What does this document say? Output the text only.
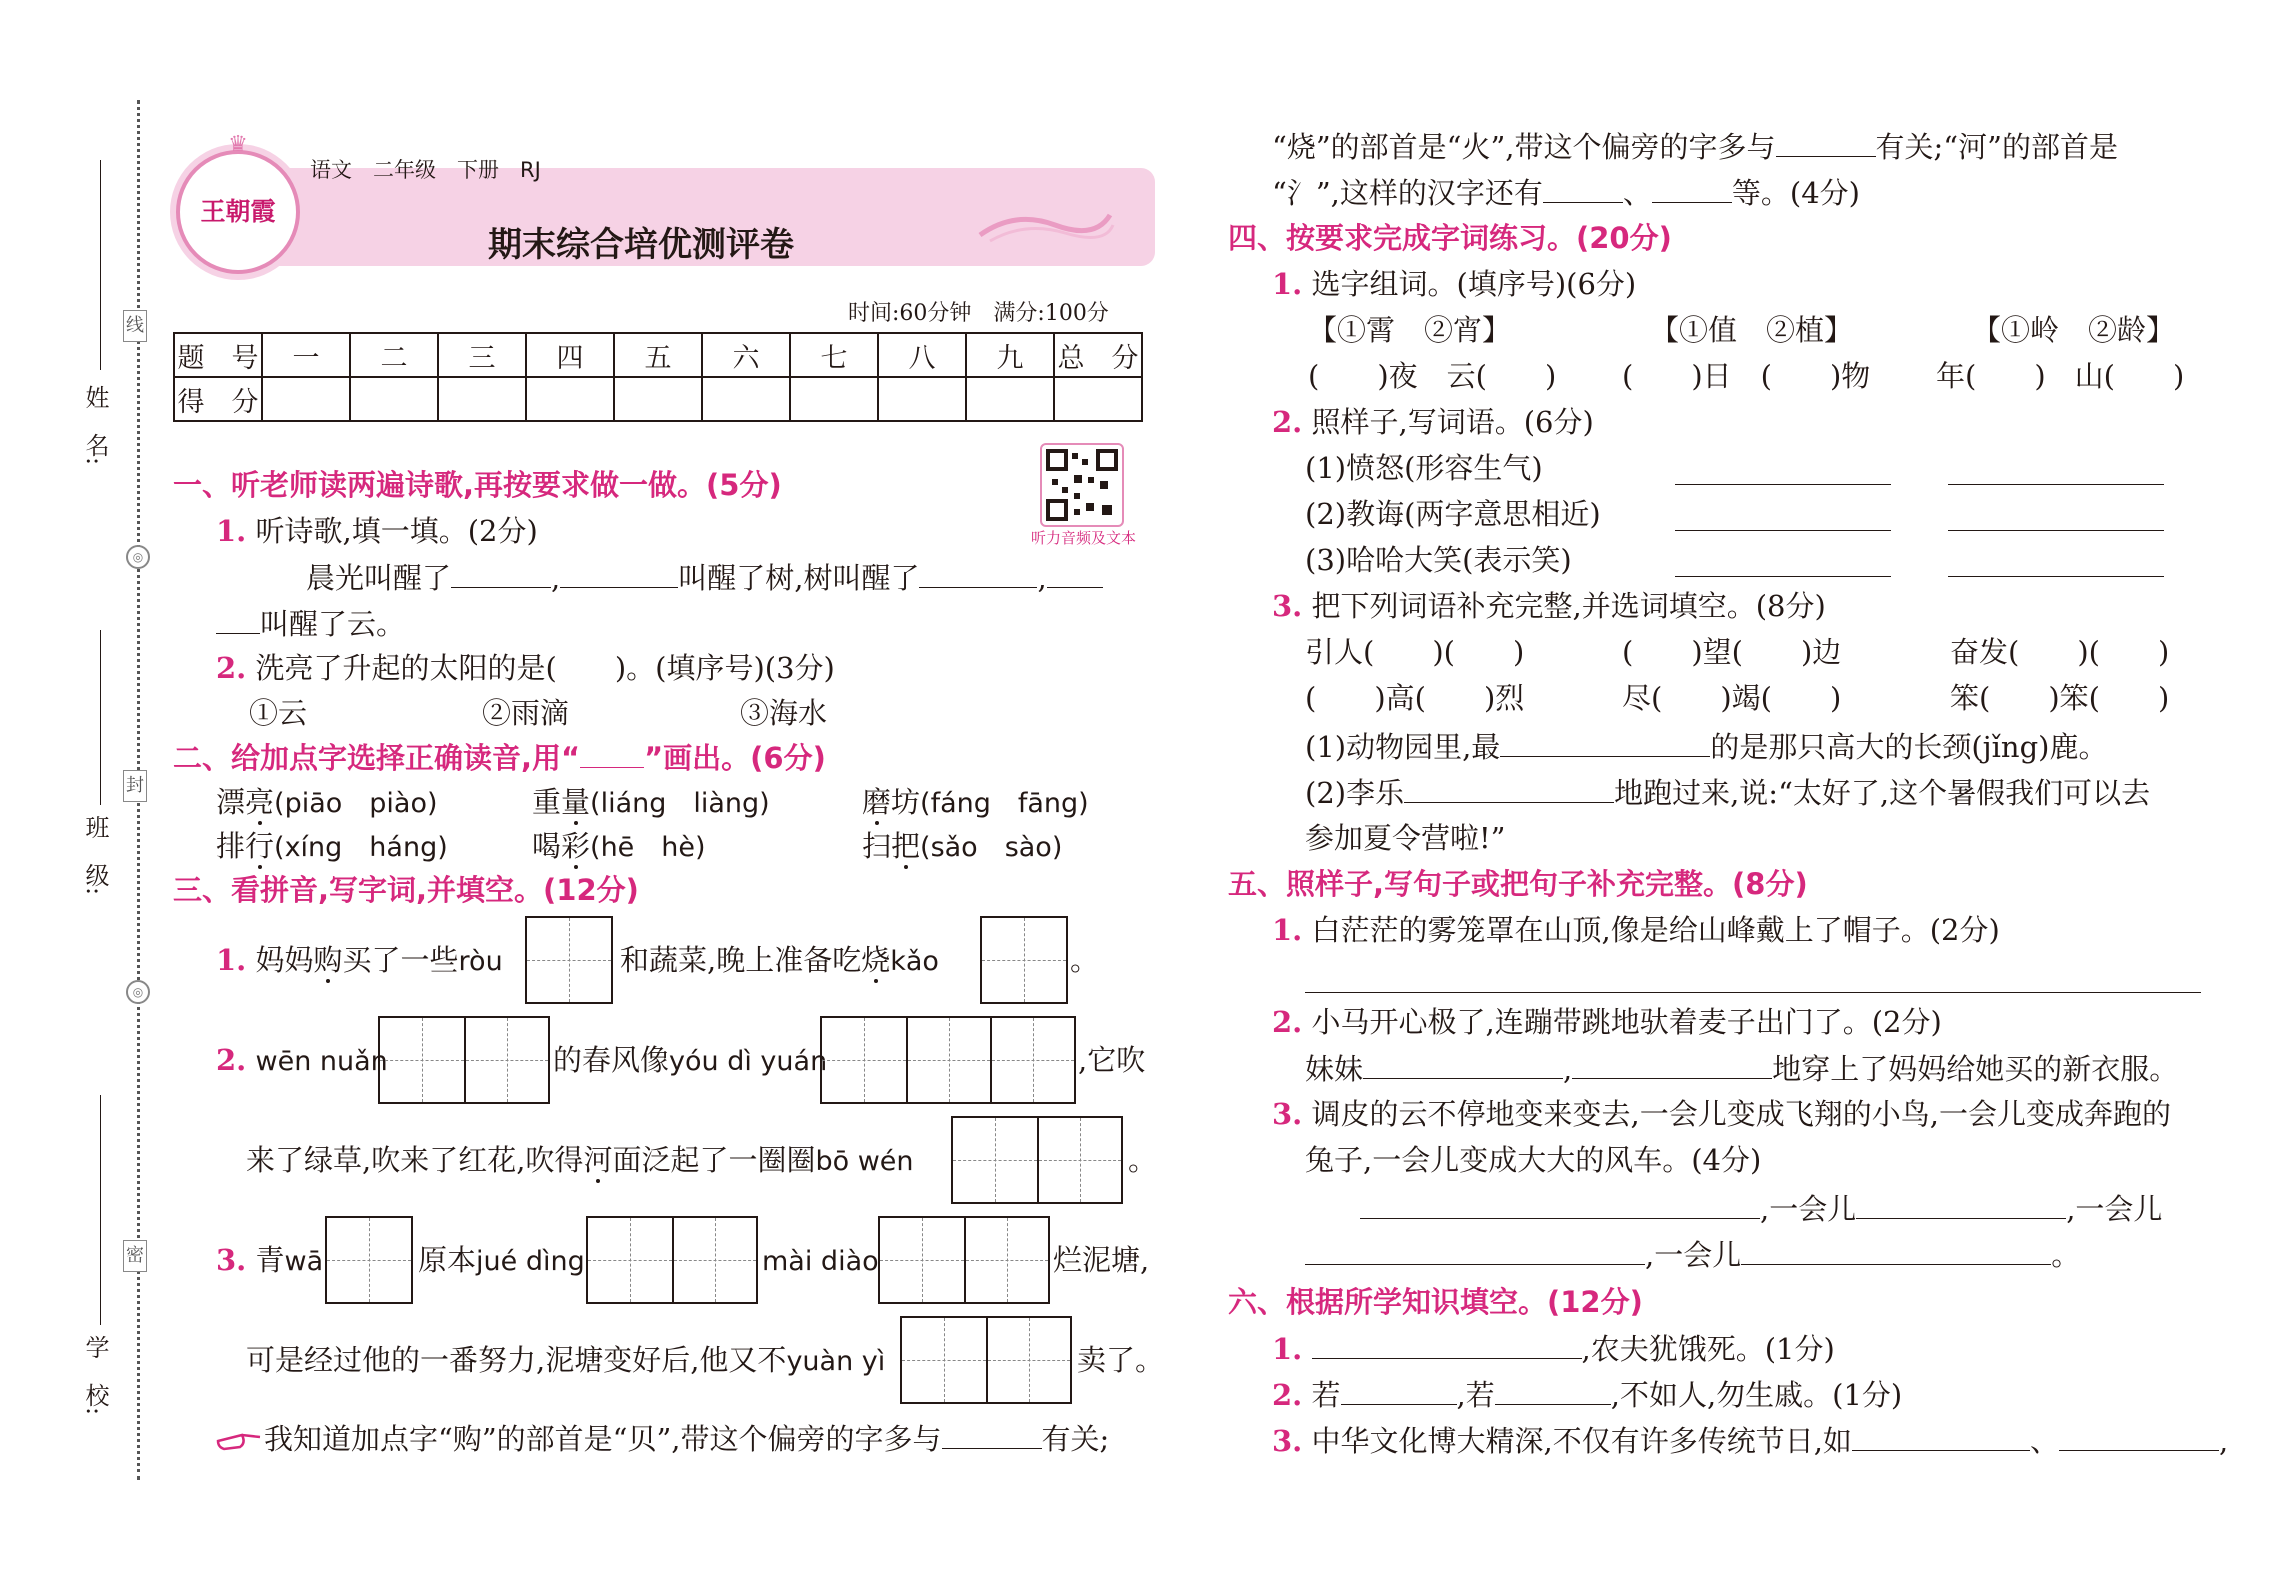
姓　名:
班　级:
学　校:
线
封
密
◎
◎
♛
王朝霞
语文　 二年级　 下册　 RJ
期末综合培优测评卷
时间:60分钟　满分:100分
题　号	一	二	三	四	五	六	七	八	九	总　分
得　分										
听力音频及文本
一、听老师读两遍诗歌,再按要求做一做。(5分)
1. 听诗歌,填一填。(2分)
晨光叫醒了	,	叫醒了树,树叫醒了	,
叫醒了云。
2. 洗亮了升起的太阳的是(　　)。(填序号)(3分)
①云	②雨滴	③海水
二、给加点字选择正确读音,用“ ”画出。(6分)
漂亮(piāo　piào)	重量(liáng　liàng)	磨坊(fáng　fāng)
排行(xíng　háng)	喝彩(hē　hè)	扫把(sǎo　sào)
三、看拼音,写字词,并填空。(12分)
1. 妈妈购买了一些ròu	和蔬菜,晚上准备吃烧kǎo	。
2. wēn nuǎn	的春风像yóu dì yuán	,它吹
来了绿草,吹来了红花,吹得河面泛起了一圈圈bō wén	。
3. 青wā	原本jué dìng	mài diào	烂泥塘,
可是经过他的一番努力,泥塘变好后,他又不yuàn yì	卖了。
我知道加点字“购”的部首是“贝”,带这个偏旁的字多与	有关;
“烧”的部首是“火”,带这个偏旁的字多与	有关;“河”的部首是
“氵”,这样的汉字还有	、	等。(4分)
四、按要求完成字词练习。(20分)
1. 选字组词。(填序号)(6分)
【①霄　②宵】	【①值　②植】	【①岭　②龄】
(　　)夜　云(　　) (　　)日　(　　)物 年(　　)　山(　　)
2. 照样子,写词语。(6分)
(1)愤怒(形容生气)
(2)教诲(两字意思相近)
(3)哈哈大笑(表示笑)
3. 把下列词语补充完整,并选词填空。(8分)
引人(　　)(　　)	(　　)望(　　)边	奋发(　　)(　　)
(　　)高(　　)烈	尽(　　)竭(　　)	笨(　　)笨(　　)
(1)动物园里,最	的是那只高大的长颈(jǐng)鹿。
(2)李乐	地跑过来,说:“太好了,这个暑假我们可以去
参加夏令营啦!”
五、照样子,写句子或把句子补充完整。(8分)
1. 白茫茫的雾笼罩在山顶,像是给山峰戴上了帽子。(2分)
2. 小马开心极了,连蹦带跳地驮着麦子出门了。(2分)
妹妹	,	地穿上了妈妈给她买的新衣服。
3. 调皮的云不停地变来变去,一会儿变成飞翔的小鸟,一会儿变成奔跑的
兔子,一会儿变成大大的风车。(4分)
,一会儿	,一会儿
,一会儿	。
六、根据所学知识填空。(12分)
1.	,农夫犹饿死。(1分)
2. 若	,若	,不如人,勿生戚。(1分)
3. 中华文化博大精深,不仅有许多传统节日,如	、	,
